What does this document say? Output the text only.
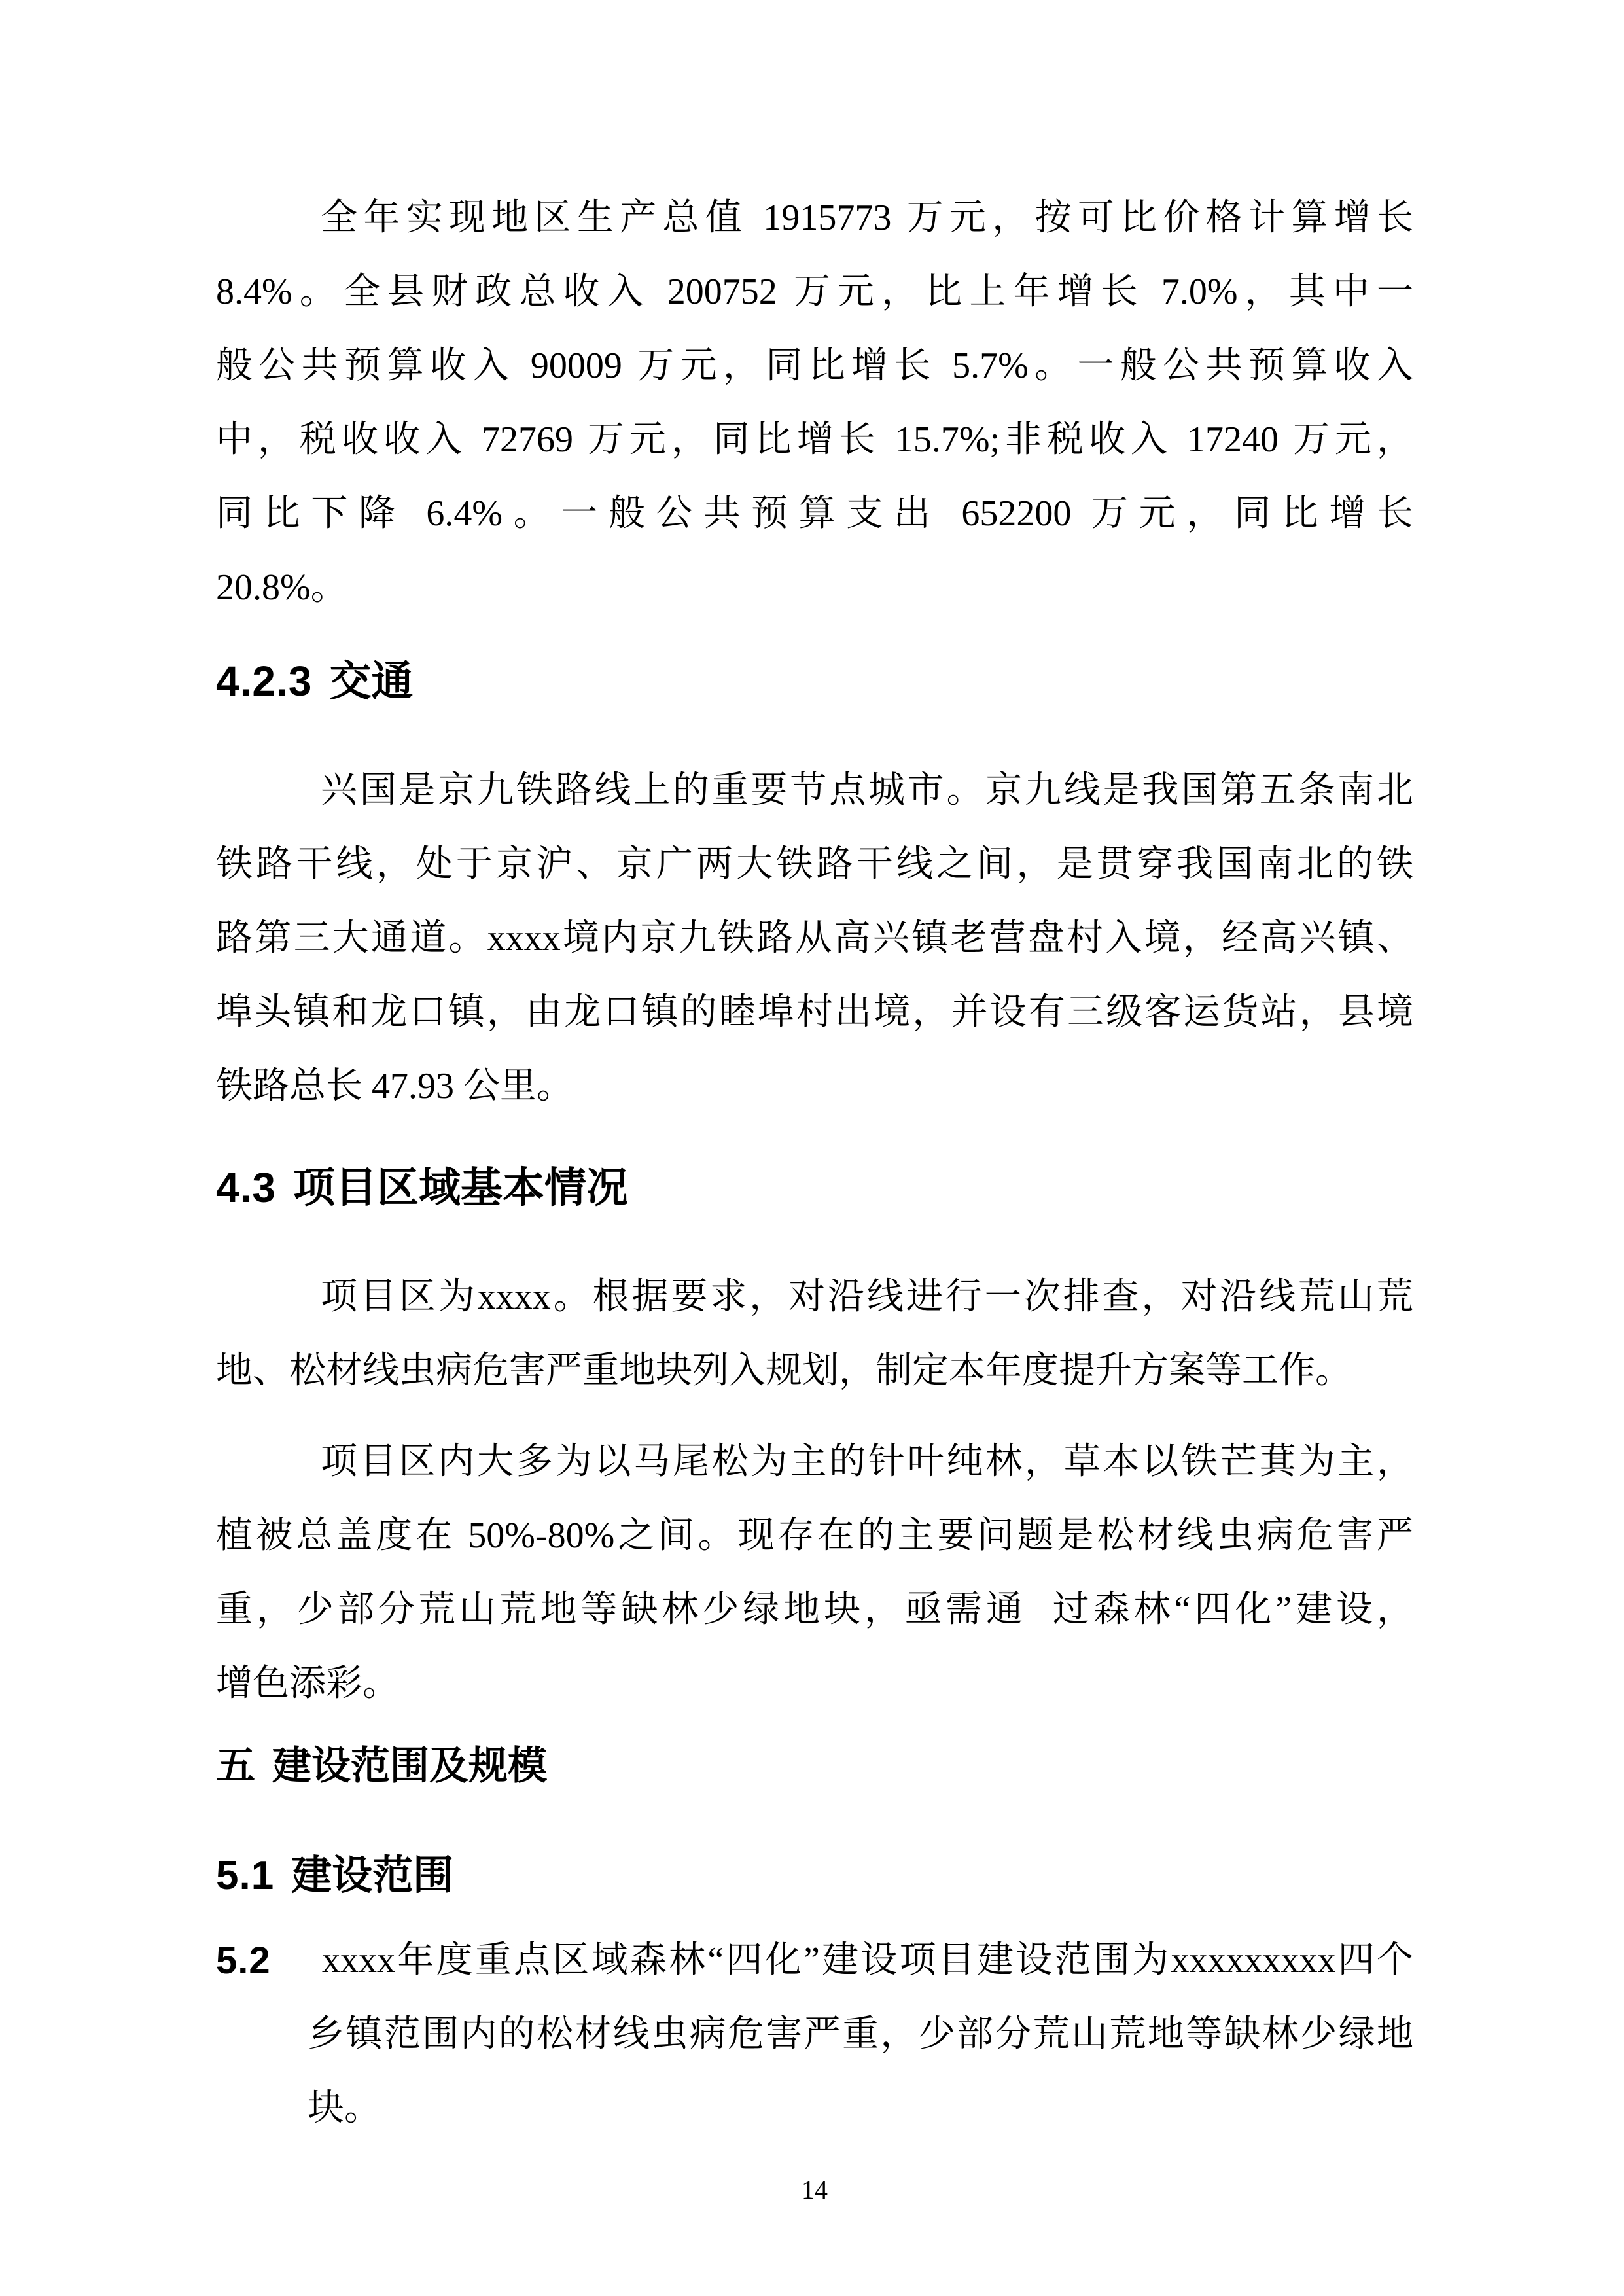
全年实现地区生产总值 1915773 万元，按可比价格计算增长
8.4%。全县财政总收入 200752 万元，比上年增长 7.0%，其中一
般公共预算收入 90009 万元，同比增长 5.7%。一般公共预算收入
中，税收收入 72769 万元，同比增长 15.7%;非税收入 17240 万元，
同比下降 6.4%。一般公共预算支出 652200 万元，同比增长
20.8%。
4.2.3 交通
兴国是京九铁路线上的重要节点城市。京九线是我国第五条南北
铁路干线，处于京沪、京广两大铁路干线之间，是贯穿我国南北的铁
路第三大通道。xxxx境内京九铁路从高兴镇老营盘村入境，经高兴镇、
埠头镇和龙口镇，由龙口镇的睦埠村出境，并设有三级客运货站，县境
铁路总长 47.93 公里。
4.3 项目区域基本情况
项目区为xxxx。根据要求，对沿线进行一次排查，对沿线荒山荒
地、松材线虫病危害严重地块列入规划，制定本年度提升方案等工作。
项目区内大多为以马尾松为主的针叶纯林，草本以铁芒萁为主，
植被总盖度在 50%-80%之间。现存在的主要问题是松材线虫病危害严
重，少部分荒山荒地等缺林少绿地块，亟需通  过森林“四化”建设，
增色添彩。
五 建设范围及规模
5.1 建设范围
5.2	xxxx年度重点区域森林“四化”建设项目建设范围为xxxxxxxxx四个
乡镇范围内的松材线虫病危害严重，少部分荒山荒地等缺林少绿地
块。
14
